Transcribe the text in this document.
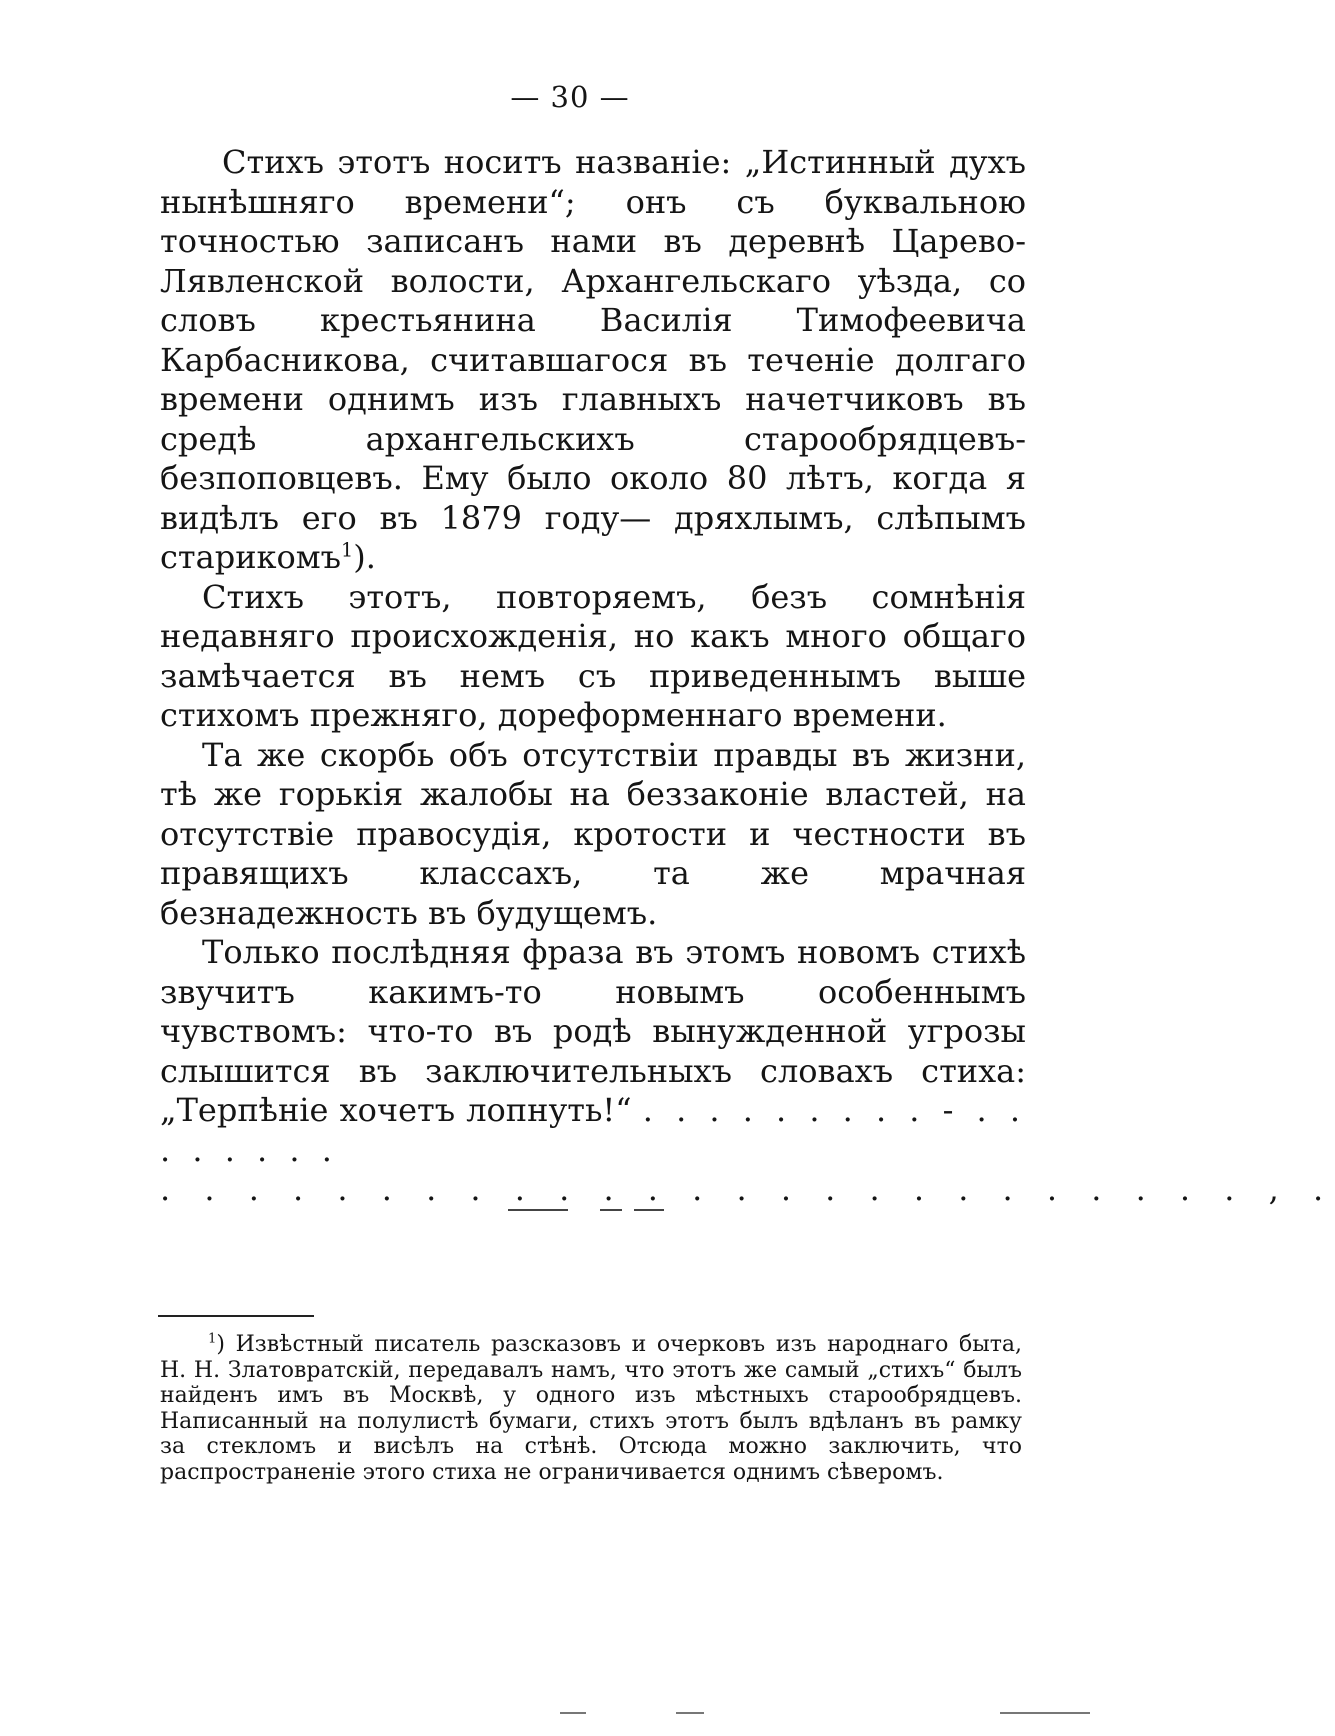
— 30 —

Стихъ этотъ носитъ названіе: „Истинный духъ нынѣшняго времени“; онъ съ буквальною точностью записанъ нами въ деревнѣ Царево-Лявленской волости, Архангельскаго уѣзда, со словъ крестьянина Василія Тимофеевича Карбасникова, считавшагося въ теченіе долгаго времени однимъ изъ главныхъ начетчиковъ въ средѣ архангельскихъ старообрядцевъ-безпоповцевъ. Ему было около 80 лѣтъ, когда я видѣлъ его въ 1879 году— дряхлымъ, слѣпымъ старикомъ$^1$).

Стихъ этотъ, повторяемъ, безъ сомнѣнія недавняго происхожденія, но какъ много общаго замѣчается въ немъ съ приведеннымъ выше стихомъ прежняго, дореформеннаго времени.

Та же скорбь объ отсутствіи правды въ жизни, тѣ же горькія жалобы на беззаконіе властей, на отсутствіе правосудія, кротости и честности въ правящихъ классахъ, та же мрачная безнадежность въ будущемъ.

Только послѣдняя фраза въ этомъ новомъ стихѣ звучитъ какимъ-то новымъ особеннымъ чувствомъ: что-то въ родѣ вынужденной угрозы слышится въ заключительныхъ словахъ стиха: „Терпѣніе хочетъ лопнуть!“ . . . . . . . . . - . . . . . . . .

. . . . . . . . . . . . . . . . . . . . . . . . . , .

$^1$) Извѣстный писатель разсказовъ и очерковъ изъ народнаго быта, Н. Н. Златовратскій, передавалъ намъ, что этотъ же самый „стихъ“ былъ найденъ имъ въ Москвѣ, у одного изъ мѣстныхъ старообрядцевъ. Написанный на полулистѣ бумаги, стихъ этотъ былъ вдѣланъ въ рамку за стекломъ и висѣлъ на стѣнѣ. Отсюда можно заключить, что распространеніе этого стиха не ограничивается однимъ сѣверомъ.
